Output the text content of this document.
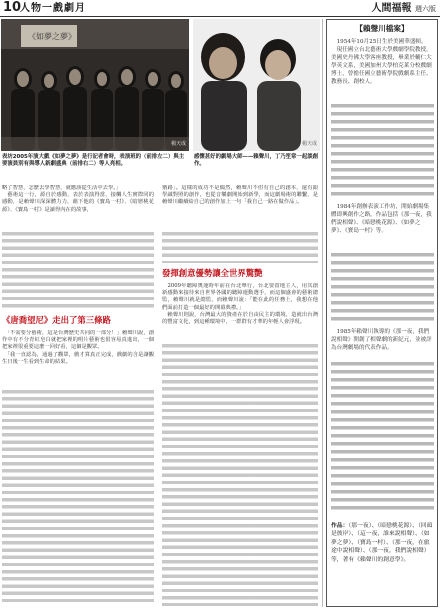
10
人物一戲劇月	人間福報 週六版
《如夢之夢》
楊天成	楊天成
表坊2005年演大戲《如夢之夢》是行記者會時，表演班的（前排左二）與主要演員別有與導人新劇盛典（前排右二）等人亮相。
感懷甚好的劇場大師——賴聲川，丁乃笙常一起談創作。
略了智慧，怎麼去學智慧，就應該從生活中去學。」
　藝術這一行，源自於感動，表於表演得當，接觸人生實際同的感動，是賴聲川深深體力力，藉下他的《寶島一村》、《暗戀桃花源》、《寶島一村》是讀得內在的故事，
《唐喬望尼》走出了第三條路
　「不需要分藝術，這是台灣歷史共同的一部分！」賴聲川說，創作中有不分青紅皂白就把家裡的明片藝術也很容易真進出，一個把家裡很重要這麼一回好看，這個是觀眾。
　「我一直認為，通過了觀眾，戲才算真正完成，戲劇的含是讓觀生日後一生看到生命的結果。
猶路」。這樣的成功不是偶然，賴聲川不但有自己的創本，還有跟學識對照的創作，也從音樂劇開始到新學，而這劇場術的聯繫，是賴聲川繼續給自己的創作加上一句「我自己一路在做作品」。
發揮創意優勢讓全世界驚艷
　2009年聽障奧運時年前在台北舉行，台北要當地主人，用其創新感動來接待來自世界各國的聽障運動選手，而這個盛會的藝術總監，賴聲川就是總監，而賴聲川說：「能在此的任務上，我想在他們面前打造一個最好的開幕典禮。」
　賴聲川則說，台灣最大的資產在於自由民主的環境，造就出台灣的豐富文化，到這種環境中，一群群有才華的年輕人會浮現。
【賴聲川檔案】
　1954年10月25日生於美國華盛頓。 　現任國立台北藝術大學戲劇學院教授，美國史丹佛大學客座教授，畢業於輔仁大學英文系，美國加州大學柏克萊分校戲劇博士，曾擔任國立藝術學院戲劇系主任、教務長、創校人。
　1984年創辦表演工作坊，開始劇場集體即興創作之路，作品包括《那一夜，我們說相聲》、《暗戀桃花源》、《如夢之夢》、《寶島一村》等。
　1985年賴聲川執導的《那一夜，我們說相聲》開創了相聲劇的新紀元，並被評為台灣劇場的代表作品。
作品：（那一夜）、（暗戀桃花源）、（回頭是彼岸）、（這一夜，誰來說相聲）、（如夢之夢）、（寶島一村）、（那一夜，在旅途中說相聲）、（那一夜，我們說相聲）等，著有《賴聲川的創意學》。
